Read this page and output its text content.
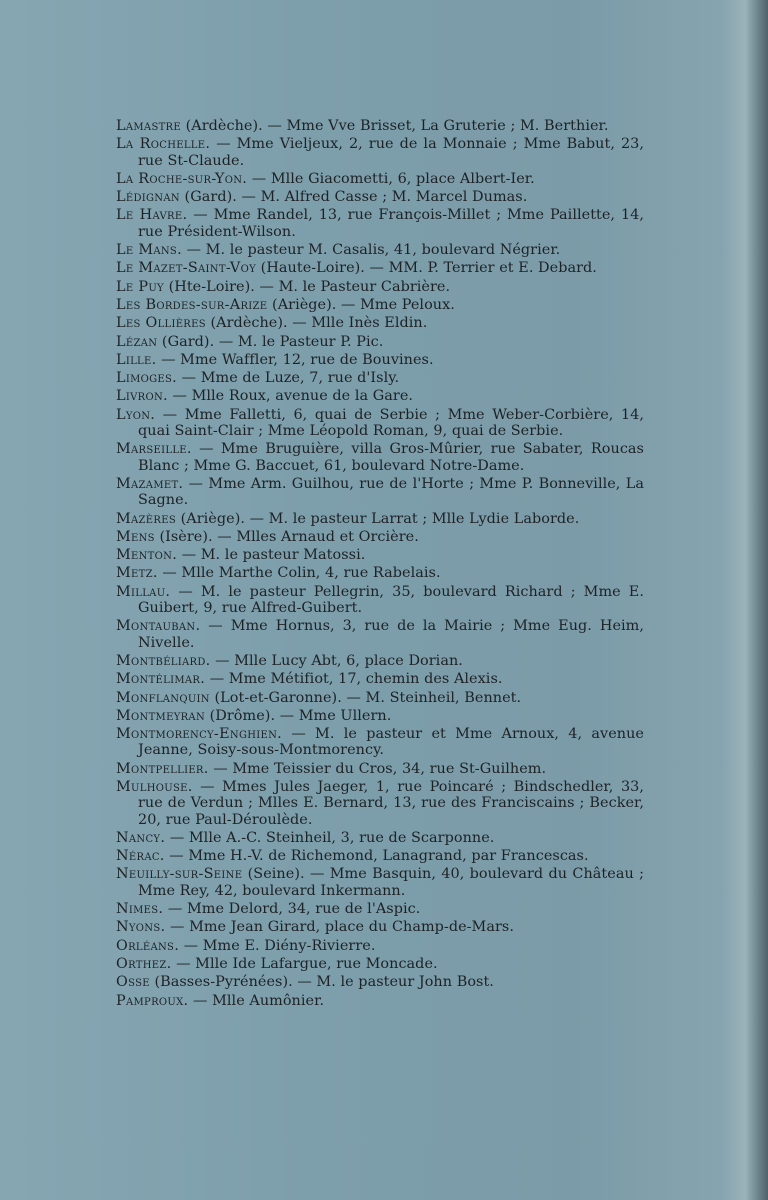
Lamastre (Ardèche). — Mme Vve Brisset, La Gruterie ; M. Berthier.
La Rochelle. — Mme Vieljeux, 2, rue de la Monnaie ; Mme Babut, 23, rue St-Claude.
La Roche-sur-Yon. — Mlle Giacometti, 6, place Albert-Ier.
Lédignan (Gard). — M. Alfred Casse ; M. Marcel Dumas.
Le Havre. — Mme Randel, 13, rue François-Millet ; Mme Paillette, 14, rue Président-Wilson.
Le Mans. — M. le pasteur M. Casalis, 41, boulevard Négrier.
Le Mazet-Saint-Voy (Haute-Loire). — MM. P. Terrier et E. Debard.
Le Puy (Hte-Loire). — M. le Pasteur Cabrière.
Les Bordes-sur-Arize (Ariège). — Mme Peloux.
Les Ollières (Ardèche). — Mlle Inès Eldin.
Lézan (Gard). — M. le Pasteur P. Pic.
Lille. — Mme Waffler, 12, rue de Bouvines.
Limoges. — Mme de Luze, 7, rue d'Isly.
Livron. — Mlle Roux, avenue de la Gare.
Lyon. — Mme Falletti, 6, quai de Serbie ; Mme Weber-Corbière, 14, quai Saint-Clair ; Mme Léopold Roman, 9, quai de Serbie.
Marseille. — Mme Bruguière, villa Gros-Mûrier, rue Sabater, Roucas Blanc ; Mme G. Baccuet, 61, boulevard Notre-Dame.
Mazamet. — Mme Arm. Guilhou, rue de l'Horte ; Mme P. Bonneville, La Sagne.
Mazères (Ariège). — M. le pasteur Larrat ; Mlle Lydie Laborde.
Mens (Isère). — Mlles Arnaud et Orcière.
Menton. — M. le pasteur Matossi.
Metz. — Mlle Marthe Colin, 4, rue Rabelais.
Millau. — M. le pasteur Pellegrin, 35, boulevard Richard ; Mme E. Guibert, 9, rue Alfred-Guibert.
Montauban. — Mme Hornus, 3, rue de la Mairie ; Mme Eug. Heim, Nivelle.
Montbéliard. — Mlle Lucy Abt, 6, place Dorian.
Montélimar. — Mme Métifiot, 17, chemin des Alexis.
Monflanquin (Lot-et-Garonne). — M. Steinheil, Bennet.
Montmeyran (Drôme). — Mme Ullern.
Montmorency-Enghien. — M. le pasteur et Mme Arnoux, 4, avenue Jeanne, Soisy-sous-Montmorency.
Montpellier. — Mme Teissier du Cros, 34, rue St-Guilhem.
Mulhouse. — Mmes Jules Jaeger, 1, rue Poincaré ; Bindschedler, 33, rue de Verdun ; Mlles E. Bernard, 13, rue des Franciscains ; Becker, 20, rue Paul-Déroulède.
Nancy. — Mlle A.-C. Steinheil, 3, rue de Scarponne.
Nérac. — Mme H.-V. de Richemond, Lanagrand, par Francescas.
Neuilly-sur-Seine (Seine). — Mme Basquin, 40, boulevard du Château ; Mme Rey, 42, boulevard Inkermann.
Nimes. — Mme Delord, 34, rue de l'Aspic.
Nyons. — Mme Jean Girard, place du Champ-de-Mars.
Orléans. — Mme E. Diény-Rivierre.
Orthez. — Mlle Ide Lafargue, rue Moncade.
Osse (Basses-Pyrénées). — M. le pasteur John Bost.
Pamproux. — Mlle Aumônier.
